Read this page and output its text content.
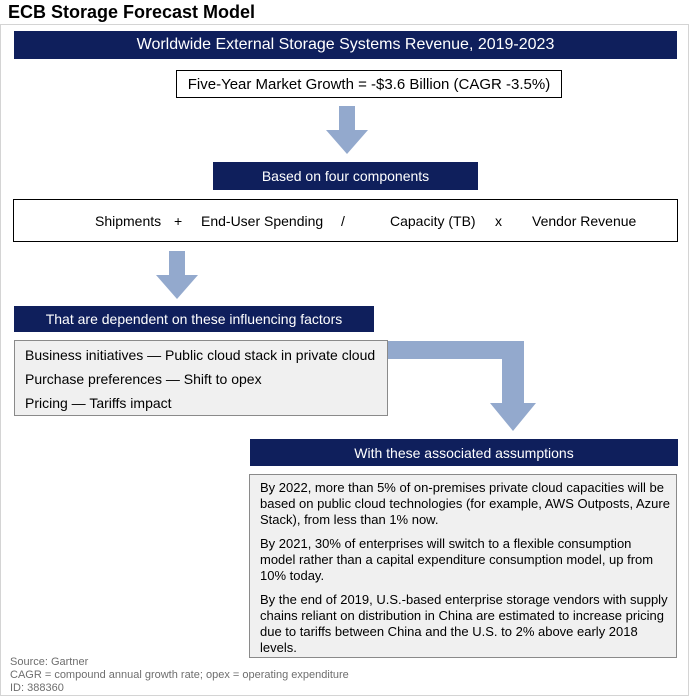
ECB Storage Forecast Model
Worldwide External Storage Systems Revenue, 2019-2023
Five-Year Market Growth = -$3.6 Billion (CAGR -3.5%)
Based on four components
Shipments + End-User Spending /	Capacity (TB) x Vendor Revenue
That are dependent on these influencing factors
Business initiatives — Public cloud stack in private cloud
Purchase preferences — Shift to opex
Pricing — Tariffs impact
With these associated assumptions
By 2022, more than 5% of on-premises private cloud capacities will be based on public cloud technologies (for example, AWS Outposts, Azure Stack), from less than 1% now.
By 2021, 30% of enterprises will switch to a flexible consumption model rather than a capital expenditure consumption model, up from 10% today.
By the end of 2019, U.S.-based enterprise storage vendors with supply chains reliant on distribution in China are estimated to increase pricing due to tariffs between China and the U.S. to 2% above early 2018 levels.
Source: Gartner
CAGR = compound annual growth rate; opex = operating expenditure
ID: 388360
